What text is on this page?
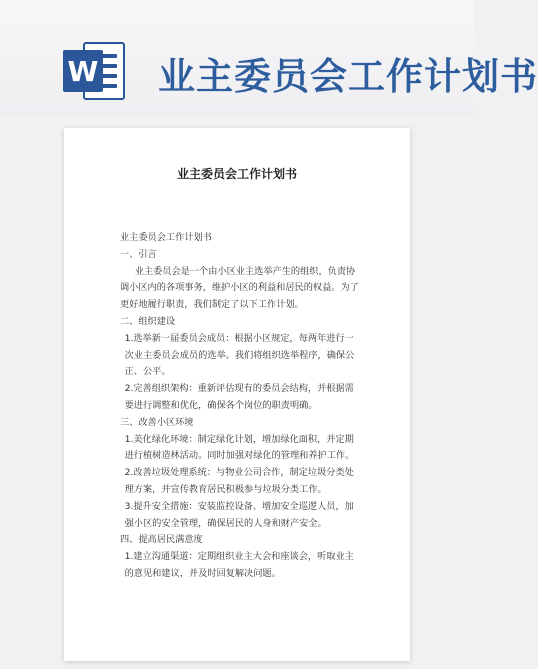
W 业主委员会工作计划书
业主委员会工作计划书

业主委员会工作计划书

一、引言

业主委员会是一个由小区业主选举产生的组织，负责协调小区内的各项事务，维护小区的利益和居民的权益。为了更好地履行职责，我们制定了以下工作计划。

二、组织建设

1.选举新一届委员会成员：根据小区规定，每两年进行一次业主委员会成员的选举。我们将组织选举程序，确保公正、公平。

2.完善组织架构：重新评估现有的委员会结构，并根据需要进行调整和优化，确保各个岗位的职责明确。

三、改善小区环境

1.美化绿化环境：制定绿化计划，增加绿化面积，并定期进行植树造林活动。同时加强对绿化的管理和养护工作。

2.改善垃圾处理系统：与物业公司合作，制定垃圾分类处理方案，并宣传教育居民积极参与垃圾分类工作。

3.提升安全措施：安装监控设备、增加安全巡逻人员，加强小区的安全管理，确保居民的人身和财产安全。

四、提高居民满意度

1.建立沟通渠道：定期组织业主大会和座谈会，听取业主的意见和建议，并及时回复解决问题。
